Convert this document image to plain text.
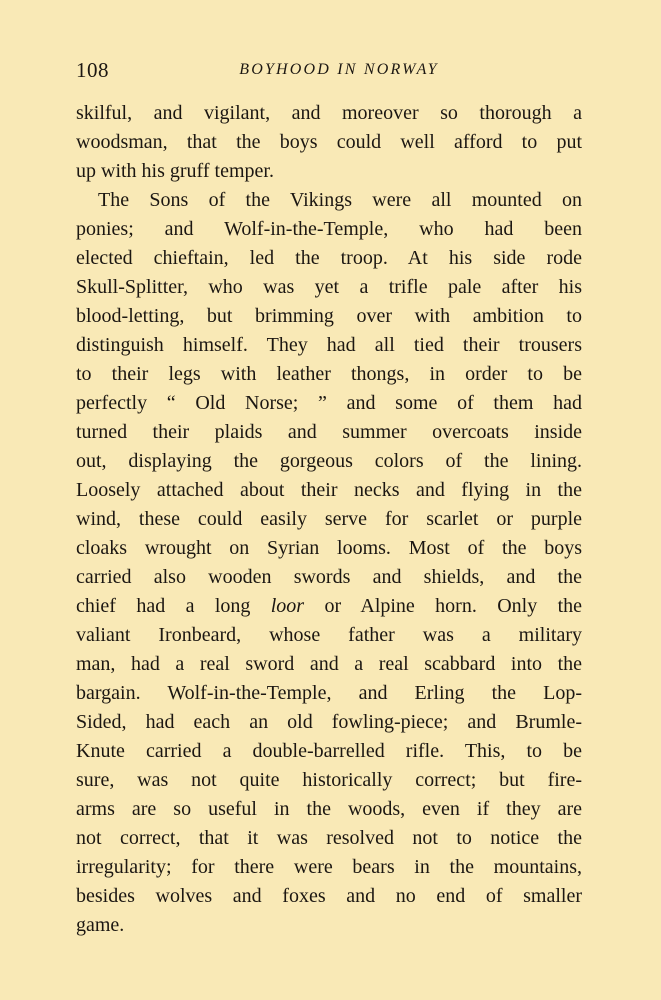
108	BOYHOOD IN NORWAY
skilful, and vigilant, and moreover so thorough a
woodsman, that the boys could well afford to put
up with his gruff temper.
The Sons of the Vikings were all mounted on
ponies; and Wolf-in-the-Temple, who had been
elected chieftain, led the troop. At his side rode
Skull-Splitter, who was yet a trifle pale after his
blood-letting, but brimming over with ambition to
distinguish himself. They had all tied their trousers
to their legs with leather thongs, in order to be
perfectly “ Old Norse; ” and some of them had
turned their plaids and summer overcoats inside
out, displaying the gorgeous colors of the lining.
Loosely attached about their necks and flying in the
wind, these could easily serve for scarlet or purple
cloaks wrought on Syrian looms. Most of the boys
carried also wooden swords and shields, and the
chief had a long loor or Alpine horn. Only the
valiant Ironbeard, whose father was a military
man, had a real sword and a real scabbard into the
bargain. Wolf-in-the-Temple, and Erling the Lop-
Sided, had each an old fowling-piece; and Brumle-
Knute carried a double-barrelled rifle. This, to be
sure, was not quite historically correct; but fire-
arms are so useful in the woods, even if they are
not correct, that it was resolved not to notice the
irregularity; for there were bears in the mountains,
besides wolves and foxes and no end of smaller
game.
